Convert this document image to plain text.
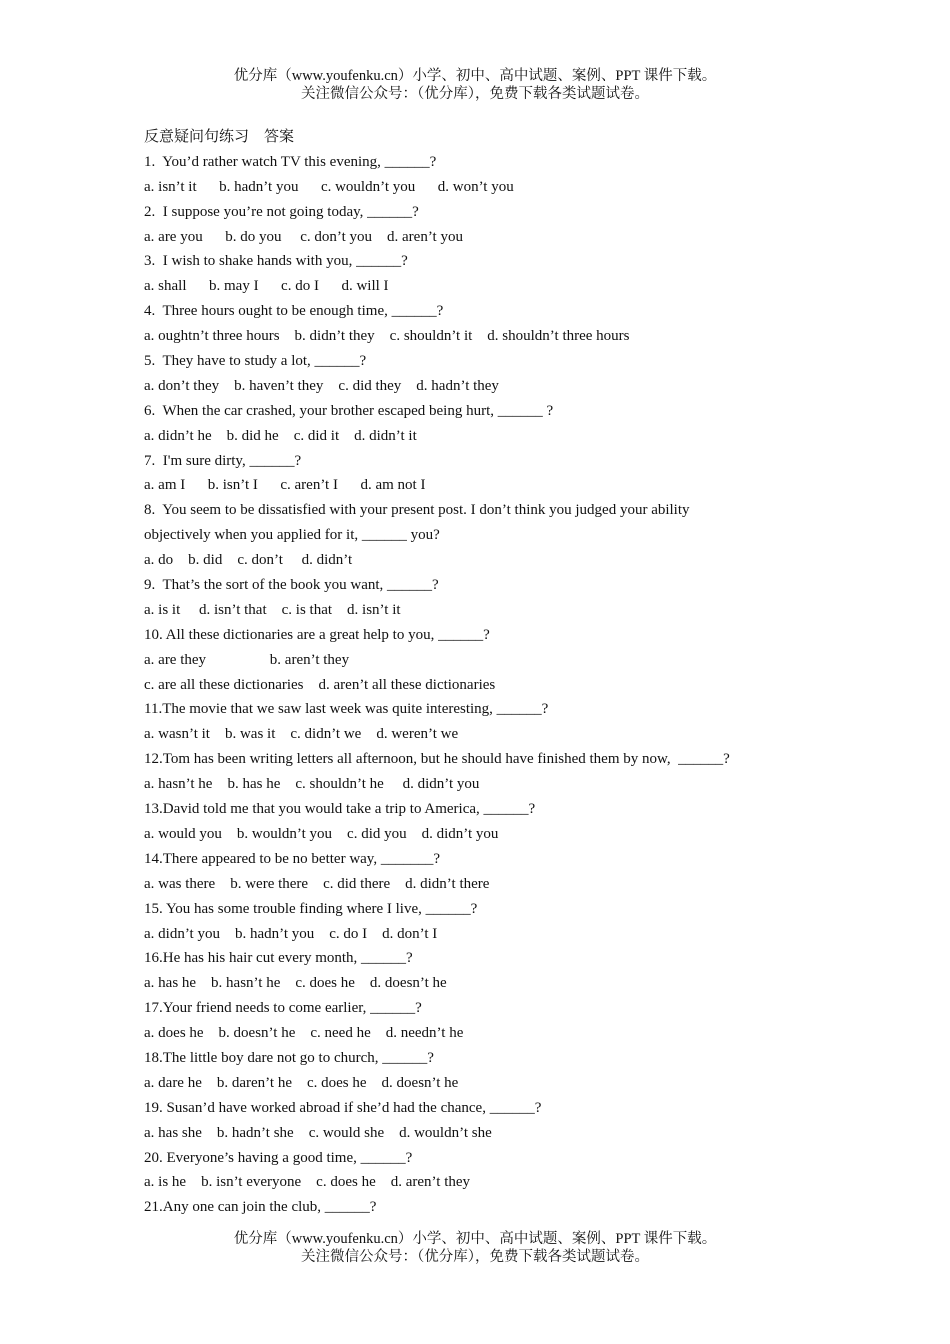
优分库（www.youfenku.cn）小学、初中、高中试题、案例、PPT 课件下载。
关注微信公众号：（优分库），免费下载各类试题试卷。
反意疑问句练习    答案
1.  You’d rather watch TV this evening, ______?
a. isn’t it      b. hadn’t you      c. wouldn’t you      d. won’t you
2.  I suppose you’re not going today, ______?
a. are you      b. do you     c. don’t you    d. aren’t you
3.  I wish to shake hands with you, ______?
a. shall      b. may I      c. do I      d. will I
4.  Three hours ought to be enough time, ______?
a. oughtn’t three hours    b. didn’t they    c. shouldn’t it    d. shouldn’t three hours
5.  They have to study a lot, ______?
a. don’t they    b. haven’t they    c. did they    d. hadn’t they
6.  When the car crashed, your brother escaped being hurt, ______ ?
a. didn’t he    b. did he    c. did it    d. didn’t it
7.  I'm sure dirty, ______?
a. am I      b. isn’t I      c. aren’t I      d. am not I
8.  You seem to be dissatisfied with your present post. I don’t think you judged your ability
objectively when you applied for it, ______ you?
a. do    b. did    c. don’t     d. didn’t
9.  That’s the sort of the book you want, ______?
a. is it     d. isn’t that    c. is that    d. isn’t it
10. All these dictionaries are a great help to you, ______?
a. are they                 b. aren’t they
c. are all these dictionaries    d. aren’t all these dictionaries
11.The movie that we saw last week was quite interesting, ______?
a. wasn’t it    b. was it    c. didn’t we    d. weren’t we
12.Tom has been writing letters all afternoon, but he should have finished them by now,  ______?
a. hasn’t he    b. has he    c. shouldn’t he     d. didn’t you
13.David told me that you would take a trip to America, ______?
a. would you    b. wouldn’t you    c. did you    d. didn’t you
14.There appeared to be no better way, _______?
a. was there    b. were there    c. did there    d. didn’t there
15. You has some trouble finding where I live, ______?
a. didn’t you    b. hadn’t you    c. do I    d. don’t I
16.He has his hair cut every month, ______?
a. has he    b. hasn’t he    c. does he    d. doesn’t he
17.Your friend needs to come earlier, ______?
a. does he    b. doesn’t he    c. need he    d. needn’t he
18.The little boy dare not go to church, ______?
a. dare he    b. daren’t he    c. does he    d. doesn’t he
19. Susan’d have worked abroad if she’d had the chance, ______?
a. has she    b. hadn’t she    c. would she    d. wouldn’t she
20. Everyone’s having a good time, ______?
a. is he    b. isn’t everyone    c. does he    d. aren’t they
21.Any one can join the club, ______?
优分库（www.youfenku.cn）小学、初中、高中试题、案例、PPT 课件下载。
关注微信公众号：（优分库），免费下载各类试题试卷。
